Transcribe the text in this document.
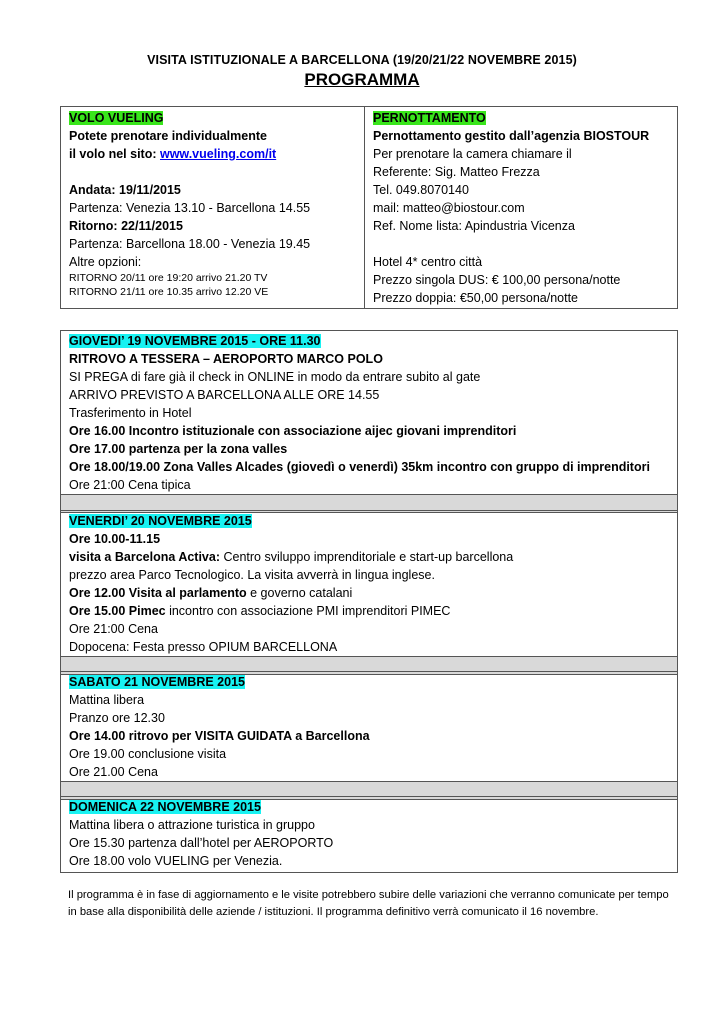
VISITA ISTITUZIONALE A BARCELLONA (19/20/21/22 NOVEMBRE 2015)
PROGRAMMA
VOLO VUELING
Potete prenotare individualmente
il volo nel sito: www.vueling.com/it
Andata: 19/11/2015
Partenza: Venezia 13.10 - Barcellona 14.55
Ritorno: 22/11/2015
Partenza: Barcellona 18.00 - Venezia 19.45
Altre opzioni:
RITORNO 20/11 ore 19:20 arrivo 21.20 TV
RITORNO 21/11 ore 10.35 arrivo 12.20 VE
PERNOTTAMENTO
Pernottamento gestito dall’agenzia BIOSTOUR
Per prenotare la camera chiamare il
Referente: Sig. Matteo Frezza
Tel. 049.8070140
mail: matteo@biostour.com
Ref. Nome lista: Apindustria Vicenza
Hotel 4* centro città
Prezzo singola DUS: € 100,00 persona/notte
Prezzo doppia: €50,00 persona/notte
GIOVEDI’ 19 NOVEMBRE 2015 - ORE 11.30
RITROVO A TESSERA – AEROPORTO MARCO POLO
SI PREGA di fare già il check in ONLINE in modo da entrare subito al gate
ARRIVO PREVISTO A BARCELLONA ALLE ORE 14.55
Trasferimento in Hotel
Ore 16.00 Incontro istituzionale con associazione aijec giovani imprenditori
Ore 17.00 partenza per la zona valles
Ore 18.00/19.00 Zona Valles Alcades (giovedì o venerdì) 35km incontro con gruppo di imprenditori
Ore 21:00 Cena tipica
VENERDI’ 20 NOVEMBRE 2015
Ore 10.00-11.15
visita a Barcelona Activa: Centro sviluppo imprenditoriale e start-up barcellona
prezzo area Parco Tecnologico. La visita avverrà in lingua inglese.
Ore 12.00 Visita al parlamento e governo catalani
Ore 15.00 Pimec incontro con associazione PMI imprenditori PIMEC
Ore 21:00 Cena
Dopocena: Festa presso OPIUM BARCELLONA
SABATO 21 NOVEMBRE 2015
Mattina libera
Pranzo ore 12.30
Ore 14.00 ritrovo per VISITA GUIDATA a Barcellona
Ore 19.00 conclusione visita
Ore 21.00 Cena
DOMENICA 22 NOVEMBRE 2015
Mattina libera o attrazione turistica in gruppo
Ore 15.30 partenza dall’hotel per AEROPORTO
Ore 18.00 volo VUELING per Venezia.
Il programma è in fase di aggiornamento e le visite potrebbero subire delle variazioni che verranno comunicate per tempo in base alla disponibilità delle aziende / istituzioni. Il programma definitivo verrà comunicato il 16 novembre.
